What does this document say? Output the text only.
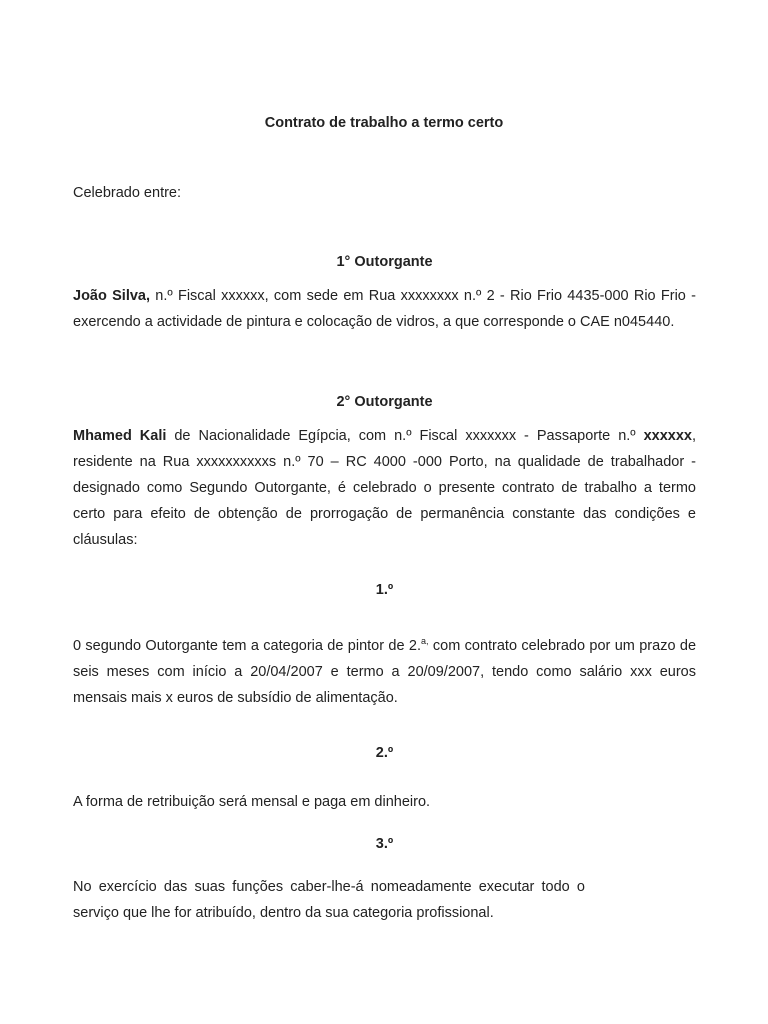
Contrato de trabalho a termo certo

Celebrado entre:

1° Outorgante

João Silva, n.º Fiscal xxxxxx, com sede em Rua xxxxxxxx n.º 2 - Rio Frio 4435-000 Rio Frio - exercendo a actividade de pintura e colocação de vidros, a que corresponde o CAE n045440.

2° Outorgante

Mhamed Kali de Nacionalidade Egípcia, com n.º Fiscal xxxxxxx - Passaporte n.º xxxxxx, residente na Rua xxxxxxxxxxs n.º 70 – RC 4000 -000 Porto, na qualidade de trabalhador - designado como Segundo Outorgante, é celebrado o presente contrato de trabalho a termo certo para efeito de obtenção de prorrogação de permanência constante das condições e cláusulas:

1.º

0 segundo Outorgante tem a categoria de pintor de 2.$^{a,}$ com contrato celebrado por um prazo de seis meses com início a 20/04/2007 e termo a 20/09/2007, tendo como salário xxx euros mensais mais x euros de subsídio de alimentação.

2.º

A forma de retribuição será mensal e paga em dinheiro.

3.º

No exercício das suas funções caber-lhe-á nomeadamente executar todo o serviço que lhe for atribuído, dentro da sua categoria profissional.
